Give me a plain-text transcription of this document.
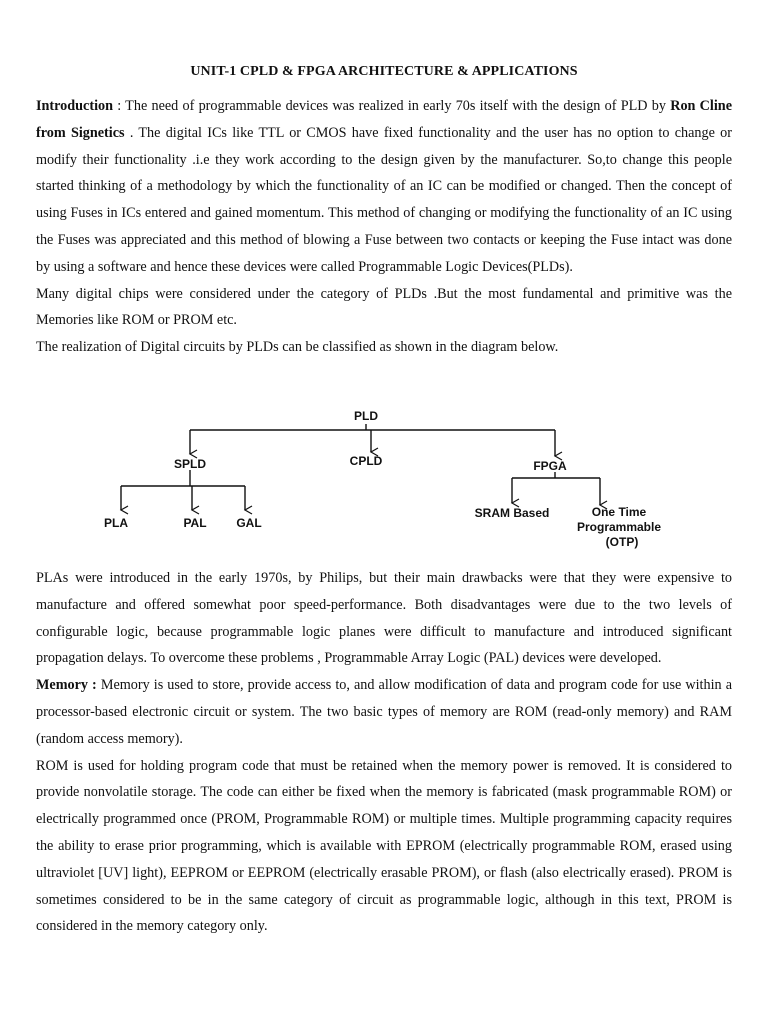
UNIT-1 CPLD & FPGA ARCHITECTURE & APPLICATIONS

Introduction : The need of programmable devices was realized in early 70s itself with the design of PLD by Ron Cline from Signetics . The digital ICs like TTL or CMOS have fixed functionality and the user has no option to change or modify their functionality .i.e they work according to the design given by the manufacturer. So,to change this people started thinking of a methodology by which the functionality of an IC can be modified or changed. Then the concept of using Fuses in ICs entered and gained momentum. This method of changing or modifying the functionality of an IC using the Fuses was appreciated and this method of blowing a Fuse between two contacts or keeping the Fuse intact was done by using a software and hence these devices were called Programmable Logic Devices(PLDs).

Many digital chips were considered under the category of PLDs .But the most fundamental and primitive was the Memories like ROM or PROM etc.

The realization of Digital circuits by PLDs can be classified as shown in the diagram below.

PLD
SPLD	CPLD	FPGA
PLA	PAL GAL
SRAM Based	One Time
Programmable
(OTP)

PLAs were introduced in the early 1970s, by Philips, but their main drawbacks were that they were expensive to manufacture and offered somewhat poor speed-performance. Both disadvantages were due to the two levels of configurable logic, because programmable logic planes were difficult to manufacture and introduced significant propagation delays. To overcome these problems , Programmable Array Logic (PAL) devices were developed.

Memory : Memory is used to store, provide access to, and allow modification of data and program code for use within a processor-based electronic circuit or system. The two basic types of memory are ROM (read-only memory) and RAM (random access memory).

ROM is used for holding program code that must be retained when the memory power is removed. It is considered to provide nonvolatile storage. The code can either be fixed when the memory is fabricated (mask programmable ROM) or electrically programmed once (PROM, Programmable ROM) or multiple times. Multiple programming capacity requires the ability to erase prior programming, which is available with EPROM (electrically programmable ROM, erased using ultraviolet [UV] light), EEPROM or EEPROM (electrically erasable PROM), or flash (also electrically erased). PROM is sometimes considered to be in the same category of circuit as programmable logic, although in this text, PROM is considered in the memory category only.
